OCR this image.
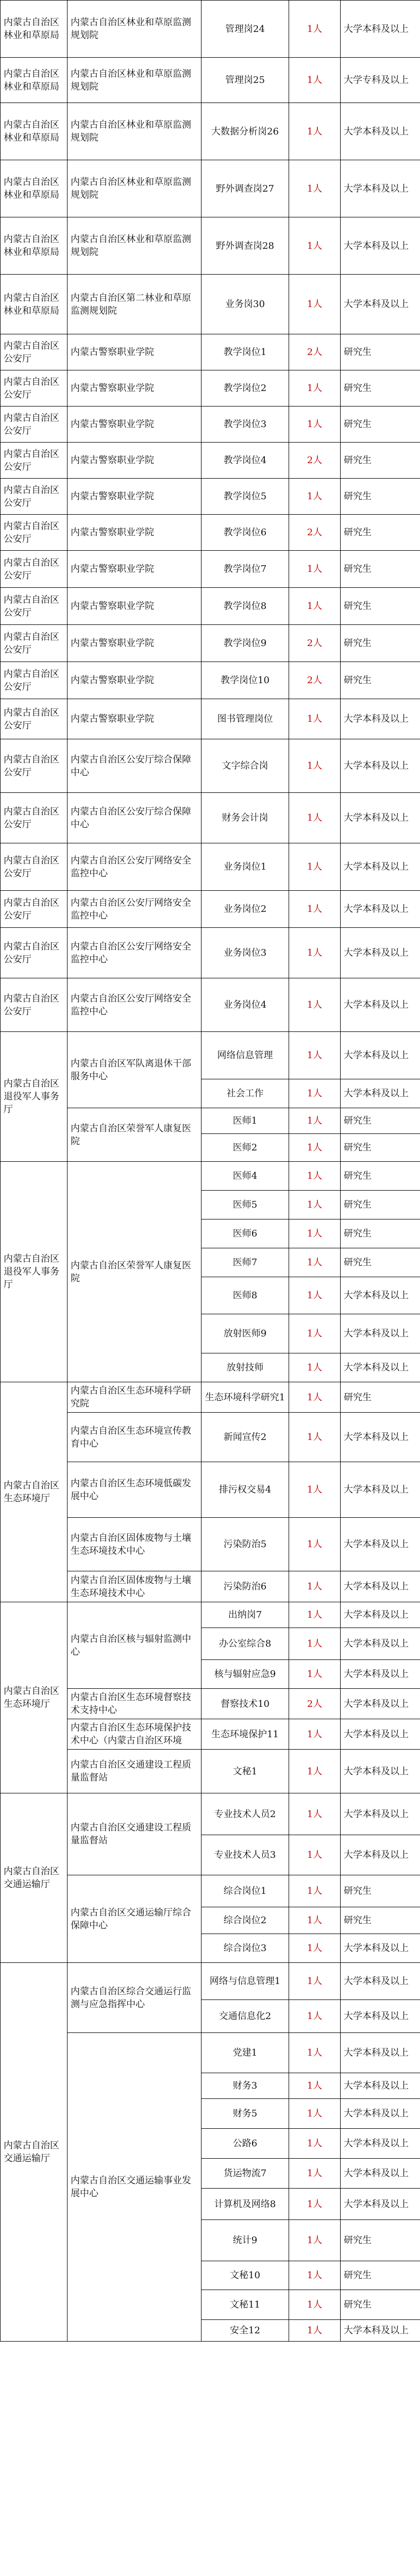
内蒙古自治区林业和草原局	内蒙古自治区林业和草原监测规划院	管理岗24	1人	大学本科及以上
内蒙古自治区林业和草原局	内蒙古自治区林业和草原监测规划院	管理岗25	1人	大学专科及以上
内蒙古自治区林业和草原局	内蒙古自治区林业和草原监测规划院	大数据分析岗26	1人	大学本科及以上
内蒙古自治区林业和草原局	内蒙古自治区林业和草原监测规划院	野外调查岗27	1人	大学本科及以上
内蒙古自治区林业和草原局	内蒙古自治区林业和草原监测规划院	野外调查岗28	1人	大学本科及以上
内蒙古自治区林业和草原局	内蒙古自治区第二林业和草原监测规划院	业务岗30	1人	大学本科及以上
内蒙古自治区公安厅	内蒙古警察职业学院	教学岗位1	2人	研究生
内蒙古自治区公安厅	内蒙古警察职业学院	教学岗位2	1人	研究生
内蒙古自治区公安厅	内蒙古警察职业学院	教学岗位3	1人	研究生
内蒙古自治区公安厅	内蒙古警察职业学院	教学岗位4	2人	研究生
内蒙古自治区公安厅	内蒙古警察职业学院	教学岗位5	1人	研究生
内蒙古自治区公安厅	内蒙古警察职业学院	教学岗位6	2人	研究生
内蒙古自治区公安厅	内蒙古警察职业学院	教学岗位7	1人	研究生
内蒙古自治区公安厅	内蒙古警察职业学院	教学岗位8	1人	研究生
内蒙古自治区公安厅	内蒙古警察职业学院	教学岗位9	2人	研究生
内蒙古自治区公安厅	内蒙古警察职业学院	教学岗位10	2人	研究生
内蒙古自治区公安厅	内蒙古警察职业学院	图书管理岗位	1人	大学本科及以上
内蒙古自治区公安厅	内蒙古自治区公安厅综合保障中心	文字综合岗	1人	大学本科及以上
内蒙古自治区公安厅	内蒙古自治区公安厅综合保障中心	财务会计岗	1人	大学本科及以上
内蒙古自治区公安厅	内蒙古自治区公安厅网络安全监控中心	业务岗位1	1人	大学本科及以上
内蒙古自治区公安厅	内蒙古自治区公安厅网络安全监控中心	业务岗位2	1人	大学本科及以上
内蒙古自治区公安厅	内蒙古自治区公安厅网络安全监控中心	业务岗位3	1人	大学本科及以上
内蒙古自治区公安厅	内蒙古自治区公安厅网络安全监控中心	业务岗位4	1人	大学本科及以上
内蒙古自治区退役军人事务厅	内蒙古自治区军队离退休干部服务中心	网络信息管理	1人	大学本科及以上
		社会工作	1人	大学本科及以上
	内蒙古自治区荣誉军人康复医院	医师1	1人	研究生
		医师2	1人	研究生
内蒙古自治区退役军人事务厅	内蒙古自治区荣誉军人康复医院	医师4	1人	研究生
		医师5	1人	研究生
		医师6	1人	研究生
		医师7	1人	研究生
		医师8	1人	大学本科及以上
		放射医师9	1人	大学本科及以上
		放射技师	1人	大学本科及以上
内蒙古自治区生态环境厅	内蒙古自治区生态环境科学研究院	生态环境科学研究1	1人	研究生
	内蒙古自治区生态环境宣传教育中心	新闻宣传2	1人	大学本科及以上
	内蒙古自治区生态环境低碳发展中心	排污权交易4	1人	大学本科及以上
	内蒙古自治区固体废物与土壤生态环境技术中心	污染防治5	1人	大学本科及以上
	内蒙古自治区固体废物与土壤生态环境技术中心	污染防治6	1人	大学本科及以上
内蒙古自治区生态环境厅	内蒙古自治区核与辐射监测中心	出纳岗7	1人	大学本科及以上
		办公室综合8	1人	大学本科及以上
		核与辐射应急9	1人	大学本科及以上
	内蒙古自治区生态环境督察技术支持中心	督察技术10	2人	大学本科及以上
	内蒙古自治区生态环境保护技术中心（内蒙古自治区环境	生态环境保护11	1人	大学本科及以上
	内蒙古自治区交通建设工程质量监督站	文秘1	1人	大学本科及以上
内蒙古自治区交通运输厅	内蒙古自治区交通建设工程质量监督站	专业技术人员2	1人	大学本科及以上
		专业技术人员3	1人	大学本科及以上
	内蒙古自治区交通运输厅综合保障中心	综合岗位1	1人	研究生
		综合岗位2	1人	研究生
		综合岗位3	1人	大学本科及以上
内蒙古自治区交通运输厅	内蒙古自治区综合交通运行监测与应急指挥中心	网络与信息管理1	1人	大学本科及以上
		交通信息化2	1人	大学本科及以上
	内蒙古自治区交通运输事业发展中心	党建1	1人	大学本科及以上
		财务3	1人	大学本科及以上
		财务5	1人	大学本科及以上
		公路6	1人	大学本科及以上
		货运物流7	1人	大学本科及以上
		计算机及网络8	1人	大学本科及以上
		统计9	1人	研究生
		文秘10	1人	研究生
		文秘11	1人	研究生
		安全12	1人	大学本科及以上
